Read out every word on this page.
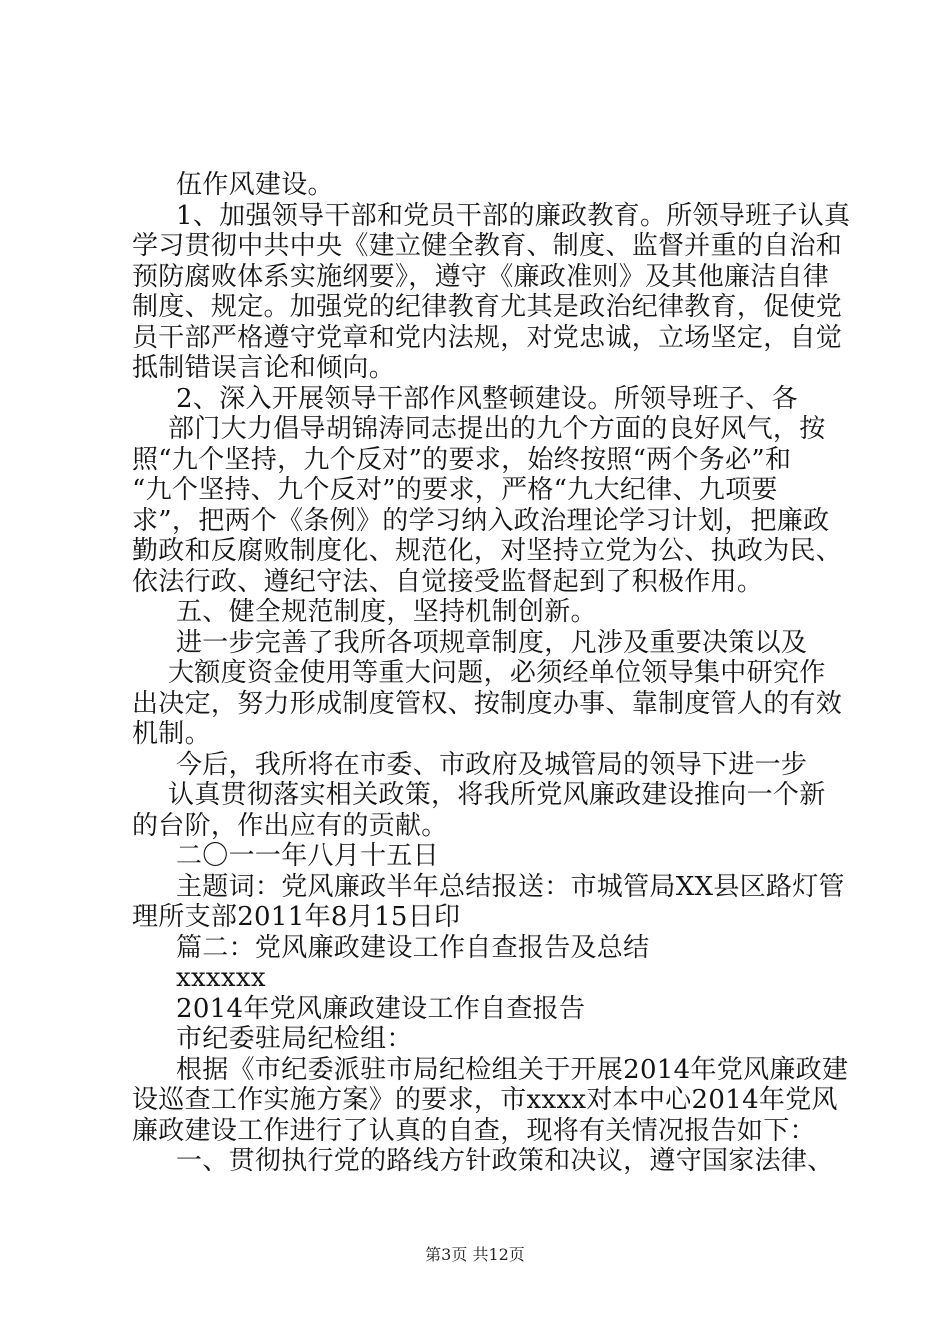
伍作风建设。
1、加强领导干部和党员干部的廉政教育。所领导班子认真
学习贯彻中共中央《建立健全教育、制度、监督并重的自治和
预防腐败体系实施纲要》，遵守《廉政准则》及其他廉洁自律
制度、规定。加强党的纪律教育尤其是政治纪律教育，促使党
员干部严格遵守党章和党内法规，对党忠诚，立场坚定，自觉
抵制错误言论和倾向。
2、深入开展领导干部作风整顿建设。所领导班子、各
部门大力倡导胡锦涛同志提出的九个方面的良好风气，按
照“九个坚持，九个反对”的要求，始终按照“两个务必”和
“九个坚持、九个反对”的要求，严格“九大纪律、九项要
求”，把两个《条例》的学习纳入政治理论学习计划，把廉政
勤政和反腐败制度化、规范化，对坚持立党为公、执政为民、
依法行政、遵纪守法、自觉接受监督起到了积极作用。
五、健全规范制度，坚持机制创新。
进一步完善了我所各项规章制度，凡涉及重要决策以及
大额度资金使用等重大问题，必须经单位领导集中研究作
出决定，努力形成制度管权、按制度办事、靠制度管人的有效
机制。
今后，我所将在市委、市政府及城管局的领导下进一步
认真贯彻落实相关政策，将我所党风廉政建设推向一个新
的台阶，作出应有的贡献。
二〇一一年八月十五日
主题词：党风廉政半年总结报送：市城管局XX县区路灯管
理所支部2011年8月15日印
篇二：党风廉政建设工作自查报告及总结
xxxxxx
2014年党风廉政建设工作自查报告
市纪委驻局纪检组：
根据《市纪委派驻市局纪检组关于开展2014年党风廉政建
设巡查工作实施方案》的要求，市xxxx对本中心2014年党风
廉政建设工作进行了认真的自查，现将有关情况报告如下：
一、贯彻执行党的路线方针政策和决议，遵守国家法律、
第3页 共12页
